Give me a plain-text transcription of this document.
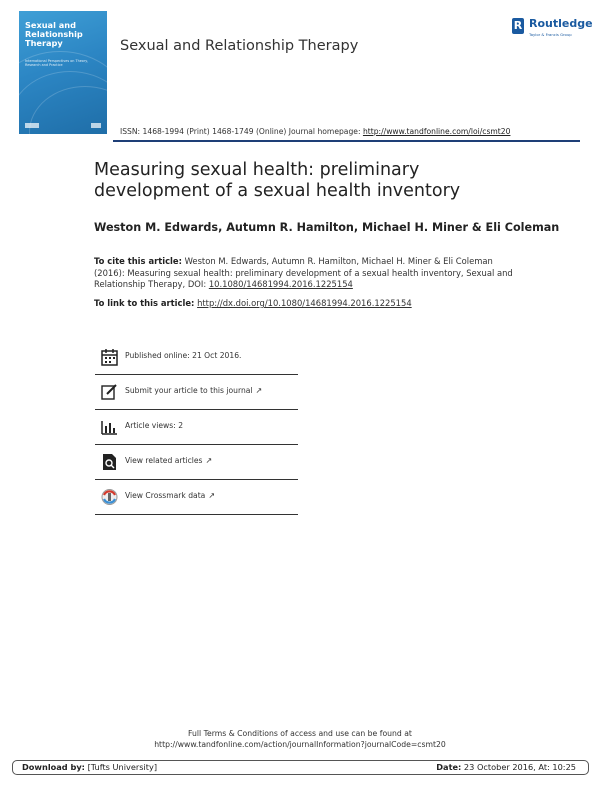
Sexual and Relationship Therapy
International Perspectives on Theory, Research and Practice
Sexual and Relationship Therapy
R Routledge
Taylor & Francis Group
ISSN: 1468-1994 (Print) 1468-1749 (Online) Journal homepage: http://www.tandfonline.com/loi/csmt20
Measuring sexual health: preliminary development of a sexual health inventory
Weston M. Edwards, Autumn R. Hamilton, Michael H. Miner & Eli Coleman
To cite this article: Weston M. Edwards, Autumn R. Hamilton, Michael H. Miner & Eli Coleman (2016): Measuring sexual health: preliminary development of a sexual health inventory, Sexual and Relationship Therapy, DOI: 10.1080/14681994.2016.1225154
To link to this article: http://dx.doi.org/10.1080/14681994.2016.1225154
Published online: 21 Oct 2016.
Submit your article to this journal ↗
Article views: 2
View related articles ↗
View Crossmark data ↗
Full Terms & Conditions of access and use can be found at
http://www.tandfonline.com/action/journalInformation?journalCode=csmt20
Download by: [Tufts University]	Date: 23 October 2016, At: 10:25
